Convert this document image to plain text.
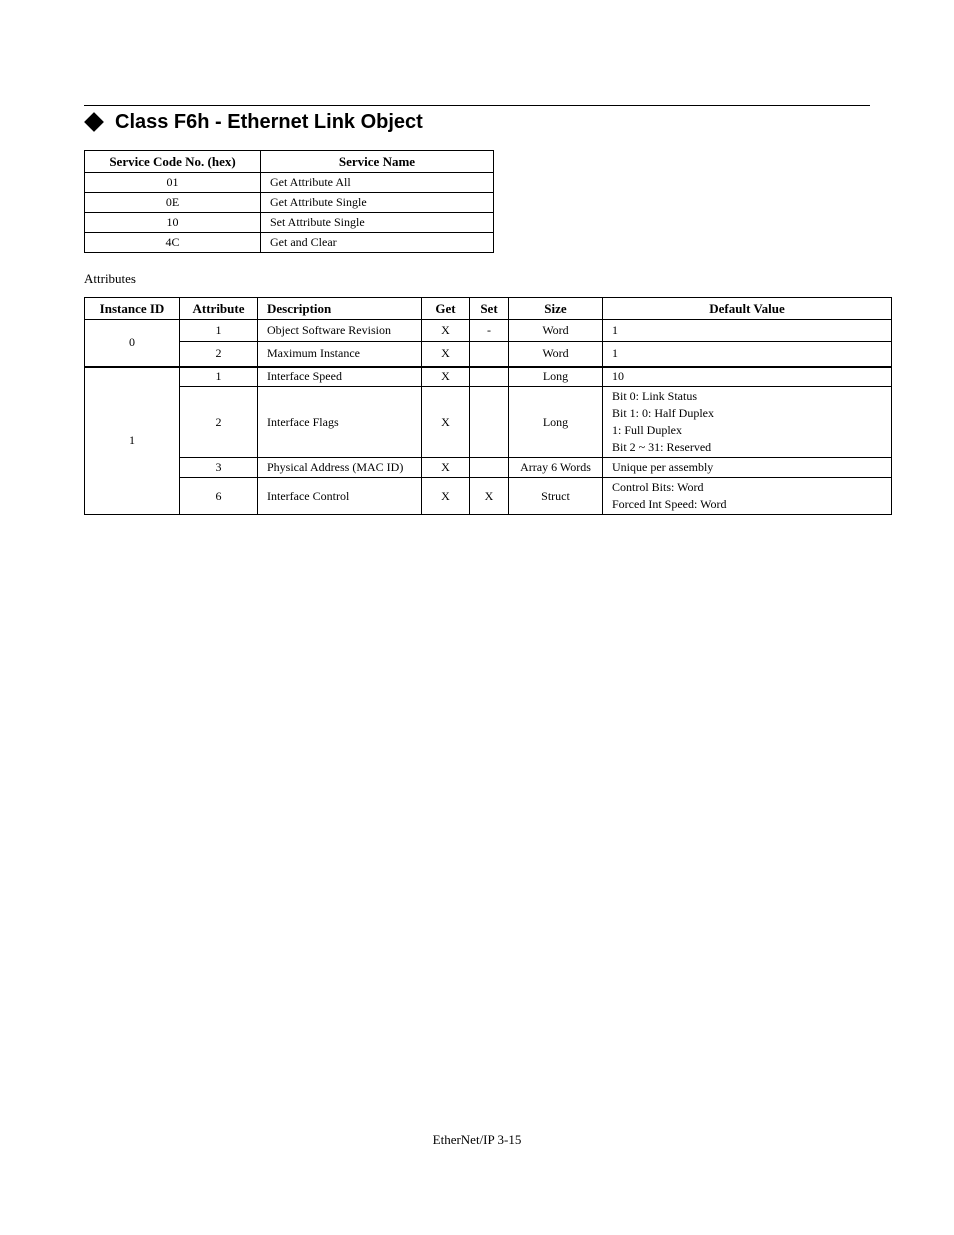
Class F6h - Ethernet Link Object
Service Code No. (hex)	Service Name
01	Get Attribute All
0E	Get Attribute Single
10	Set Attribute Single
4C	Get and Clear
Attributes
Instance ID	Attribute	Description	Get	Set	Size	Default Value
0	1	Object Software Revision	X	-	Word	1
	2	Maximum Instance	X		Word	1
1	1	Interface Speed	X		Long	10
	2	Interface Flags	X		Long	Bit 0: Link Status
Bit 1: 0: Half Duplex
1: Full Duplex
Bit 2 ~ 31: Reserved

	3	Physical Address (MAC ID)	X		Array 6 Words	Unique per assembly
	6	Interface Control	X	X	Struct	Control Bits: Word
Forced Int Speed: Word
EtherNet/IP 3-15
